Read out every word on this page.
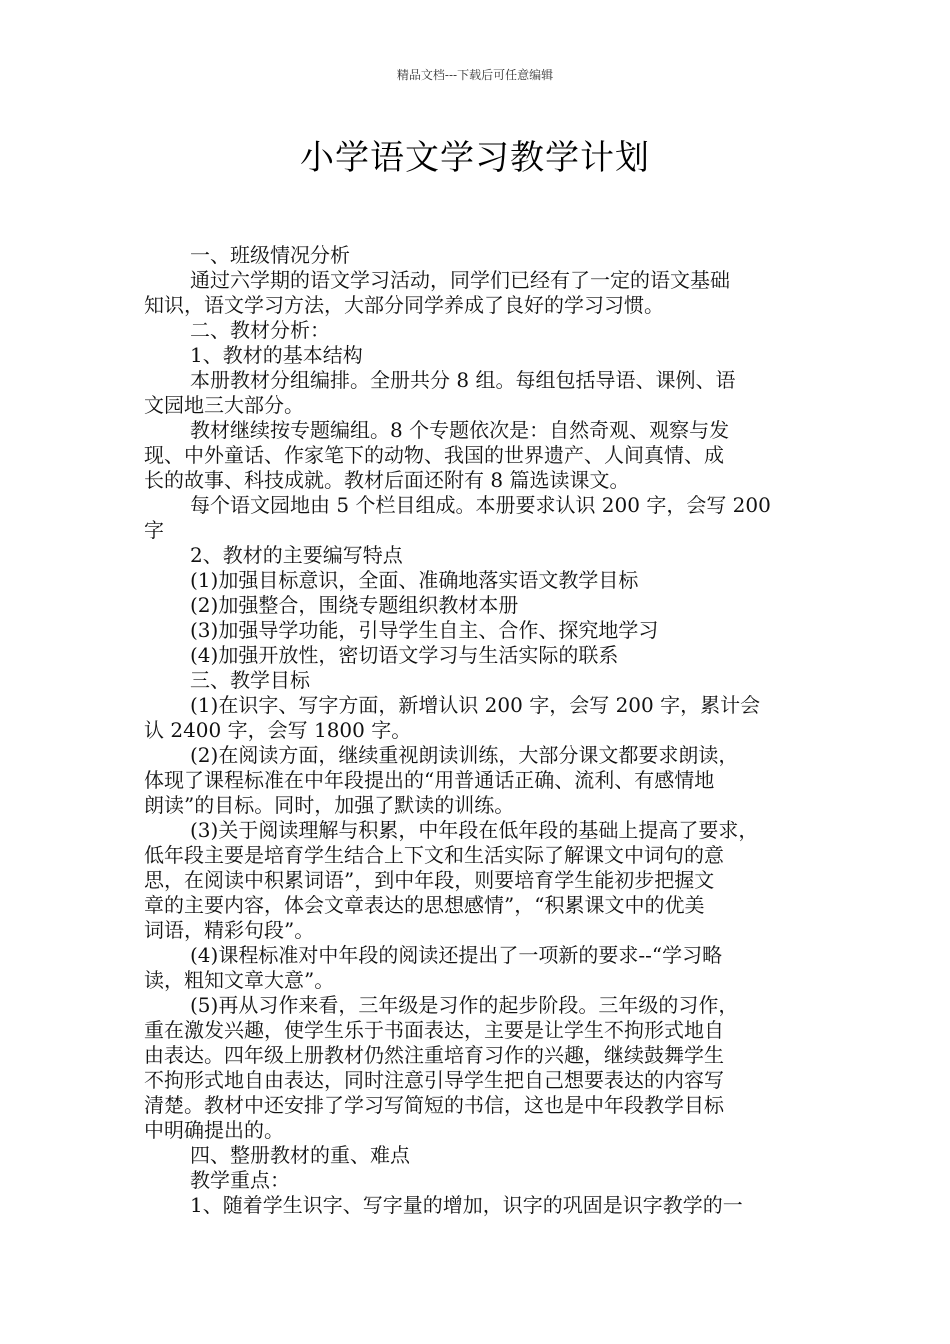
精品文档---下载后可任意编辑
小学语文学习教学计划

一、班级情况分析

通过六学期的语文学习活动，同学们已经有了一定的语文基础

知识，语文学习方法，大部分同学养成了良好的学习习惯。

二、教材分析：

1、教材的基本结构

本册教材分组编排。全册共分 8 组。每组包括导语、课例、语

文园地三大部分。

教材继续按专题编组。8 个专题依次是：自然奇观、观察与发

现、中外童话、作家笔下的动物、我国的世界遗产、人间真情、成

长的故事、科技成就。教材后面还附有 8 篇选读课文。

每个语文园地由 5 个栏目组成。本册要求认识 200 字，会写 200

字

2、教材的主要编写特点

(1)加强目标意识，全面、准确地落实语文教学目标

(2)加强整合，围绕专题组织教材本册

(3)加强导学功能，引导学生自主、合作、探究地学习

(4)加强开放性，密切语文学习与生活实际的联系

三、教学目标

(1)在识字、写字方面，新增认识 200 字，会写 200 字，累计会

认 2400 字，会写 1800 字。

(2)在阅读方面，继续重视朗读训练，大部分课文都要求朗读，

体现了课程标准在中年段提出的“用普通话正确、流利、有感情地

朗读”的目标。同时，加强了默读的训练。

(3)关于阅读理解与积累，中年段在低年段的基础上提高了要求，

低年段主要是培育学生结合上下文和生活实际了解课文中词句的意

思，在阅读中积累词语”，到中年段，则要培育学生能初步把握文

章的主要内容，体会文章表达的思想感情”，“积累课文中的优美

词语，精彩句段”。

(4)课程标准对中年段的阅读还提出了一项新的要求--“学习略

读，粗知文章大意”。

(5)再从习作来看，三年级是习作的起步阶段。三年级的习作，

重在激发兴趣，使学生乐于书面表达，主要是让学生不拘形式地自

由表达。四年级上册教材仍然注重培育习作的兴趣，继续鼓舞学生

不拘形式地自由表达，同时注意引导学生把自己想要表达的内容写

清楚。教材中还安排了学习写简短的书信，这也是中年段教学目标

中明确提出的。

四、整册教材的重、难点

教学重点：

1、随着学生识字、写字量的增加，识字的巩固是识字教学的一
